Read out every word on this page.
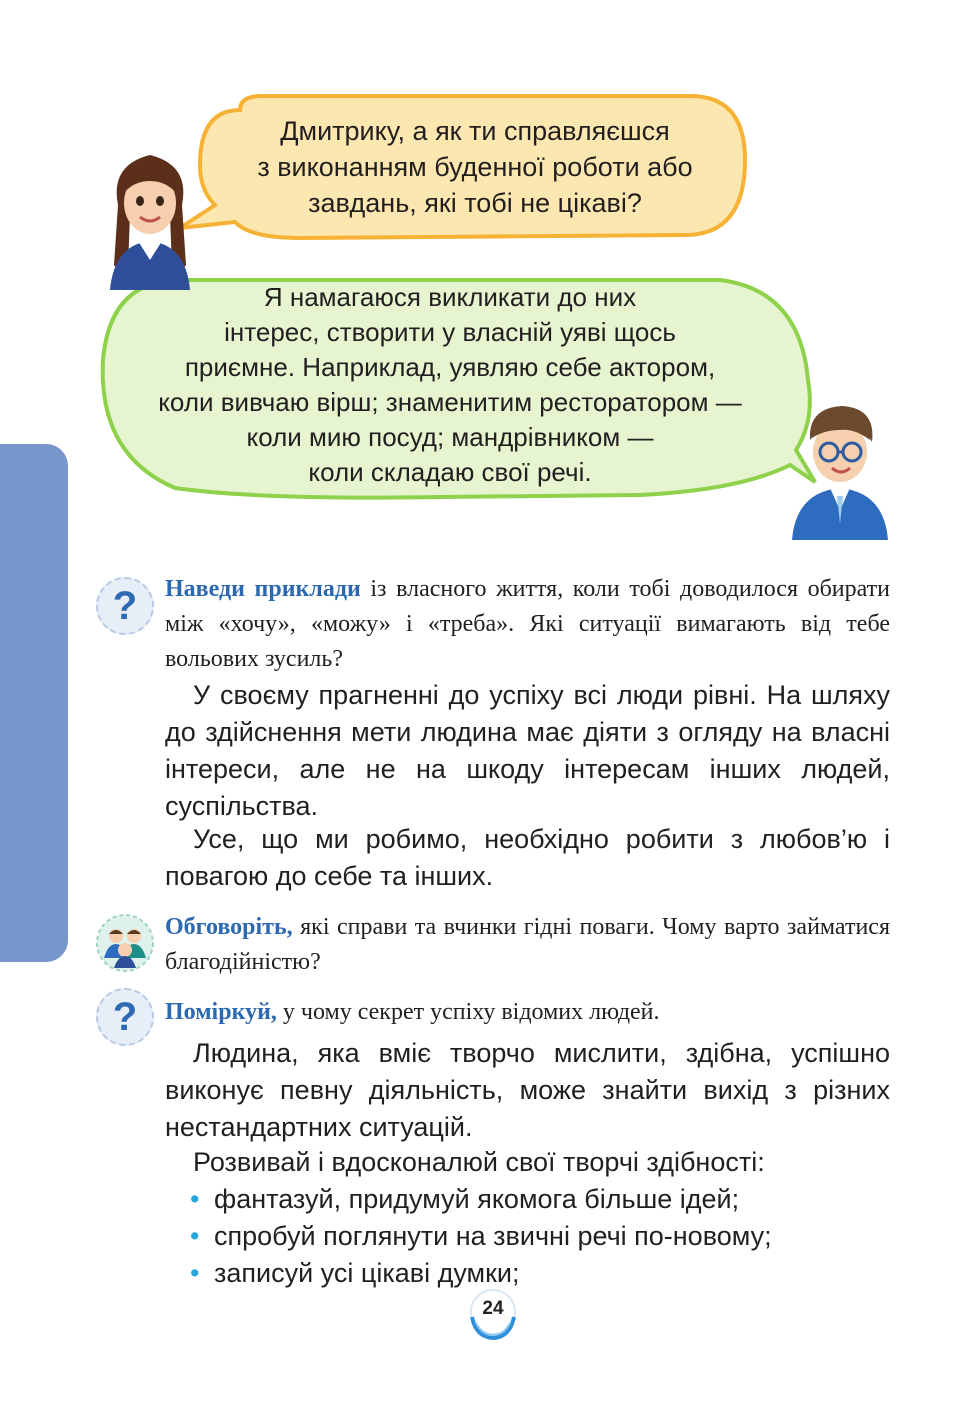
Дмитрику, а як ти справляєшся
з виконанням буденної роботи або
завдань, які тобі не цікаві?
Я намагаюся викликати до них
інтерес, створити у власній уяві щось
приємне. Наприклад, уявляю себе актором,
коли вивчаю вірш; знаменитим ресторатором —
коли мию посуд; мандрівником —
коли складаю свої речі.
? Наведи приклади із власного життя, коли тобі доводилося обирати між «хочу», «можу» і «треба». Які ситуації вимагають від тебе вольових зусиль?
У своєму прагненні до успіху всі люди рівні. На шляху до здійснення мети людина має діяти з огляду на власні інтереси, але не на шкоду інтересам інших людей, суспільства.
Усе, що ми робимо, необхідно робити з любов’ю і повагою до себе та інших.
Обговоріть, які справи та вчинки гідні поваги. Чому варто займатися благодійністю?
? Поміркуй, у чому секрет успіху відомих людей.
Людина, яка вміє творчо мислити, здібна, успішно виконує певну діяльність, може знайти вихід з різних нестандартних ситуацій.
Розвивай і вдосконалюй свої творчі здібності:
• фантазуй, придумуй якомога більше ідей;
• спробуй поглянути на звичні речі по-новому;
• записуй усі цікаві думки;
24
